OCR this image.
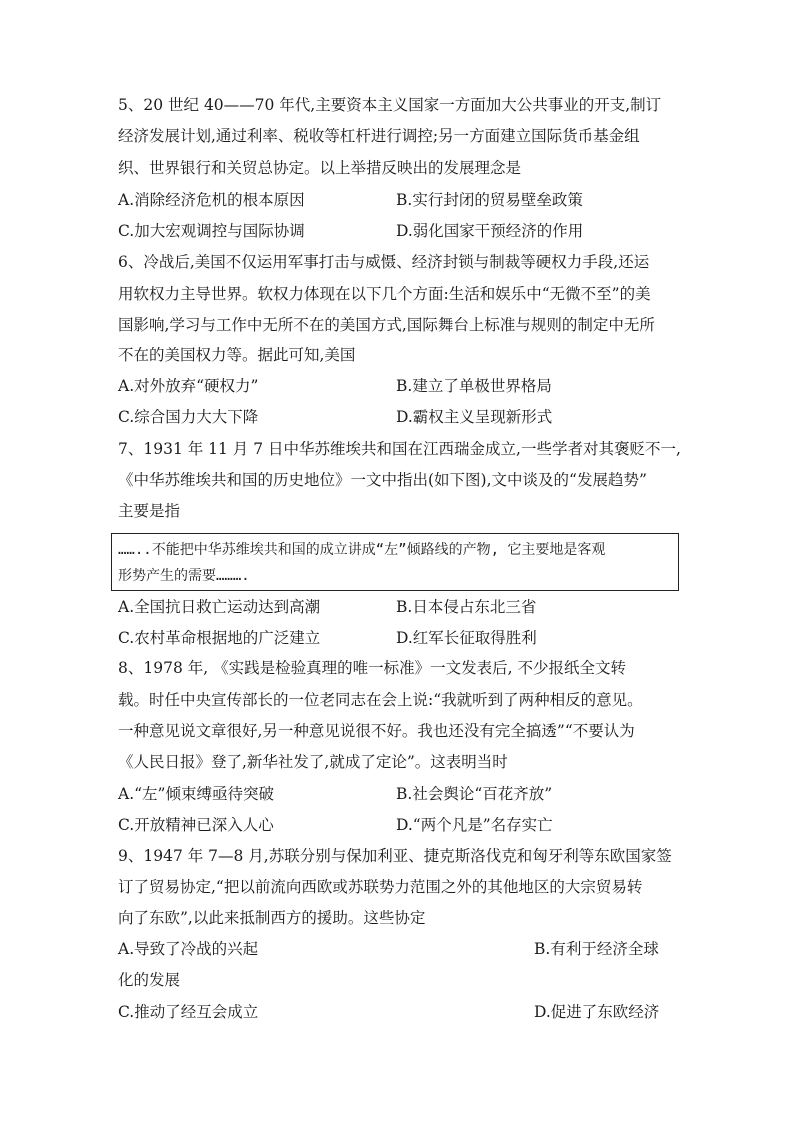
5、20 世纪 40——70 年代,主要资本主义国家一方面加大公共事业的开支,制订
经济发展计划,通过利率、税收等杠杆进行调控;另一方面建立国际货币基金组
织、世界银行和关贸总协定。以上举措反映出的发展理念是
A.消除经济危机的根本原因	B.实行封闭的贸易壁垒政策
C.加大宏观调控与国际协调	D.弱化国家干预经济的作用
6、冷战后,美国不仅运用军事打击与威慑、经济封锁与制裁等硬权力手段,还运
用软权力主导世界。软权力体现在以下几个方面:生活和娱乐中“无微不至”的美
国影响,学习与工作中无所不在的美国方式,国际舞台上标准与规则的制定中无所
不在的美国权力等。据此可知,美国
A.对外放弃“硬权力”	B.建立了单极世界格局
C.综合国力大大下降	D.霸权主义呈现新形式
7、1931 年 11 月 7 日中华苏维埃共和国在江西瑞金成立,一些学者对其褒贬不一,
《中华苏维埃共和国的历史地位》一文中指出(如下图),文中谈及的“发展趋势”
主要是指
……..不能把中华苏维埃共和国的成立讲成“左”倾路线的产物, 它主要地是客观
形势产生的需要……….
A.全国抗日救亡运动达到高潮	B.日本侵占东北三省
C.农村革命根据地的广泛建立	D.红军长征取得胜利
8、1978 年, 《实践是检验真理的唯一标准》一文发表后, 不少报纸全文转
载。时任中央宣传部长的一位老同志在会上说:“我就听到了两种相反的意见。
一种意见说文章很好,另一种意见说很不好。我也还没有完全搞透”“不要认为
《人民日报》登了,新华社发了,就成了定论”。这表明当时
A.“左”倾束缚亟待突破	B.社会舆论“百花齐放”
C.开放精神已深入人心	D.“两个凡是”名存实亡
9、1947 年 7—8 月,苏联分别与保加利亚、捷克斯洛伐克和匈牙利等东欧国家签
订了贸易协定,“把以前流向西欧或苏联势力范围之外的其他地区的大宗贸易转
向了东欧”,以此来抵制西方的援助。这些协定
A.导致了冷战的兴起	B.有利于经济全球
化的发展
C.推动了经互会成立	D.促进了东欧经济
